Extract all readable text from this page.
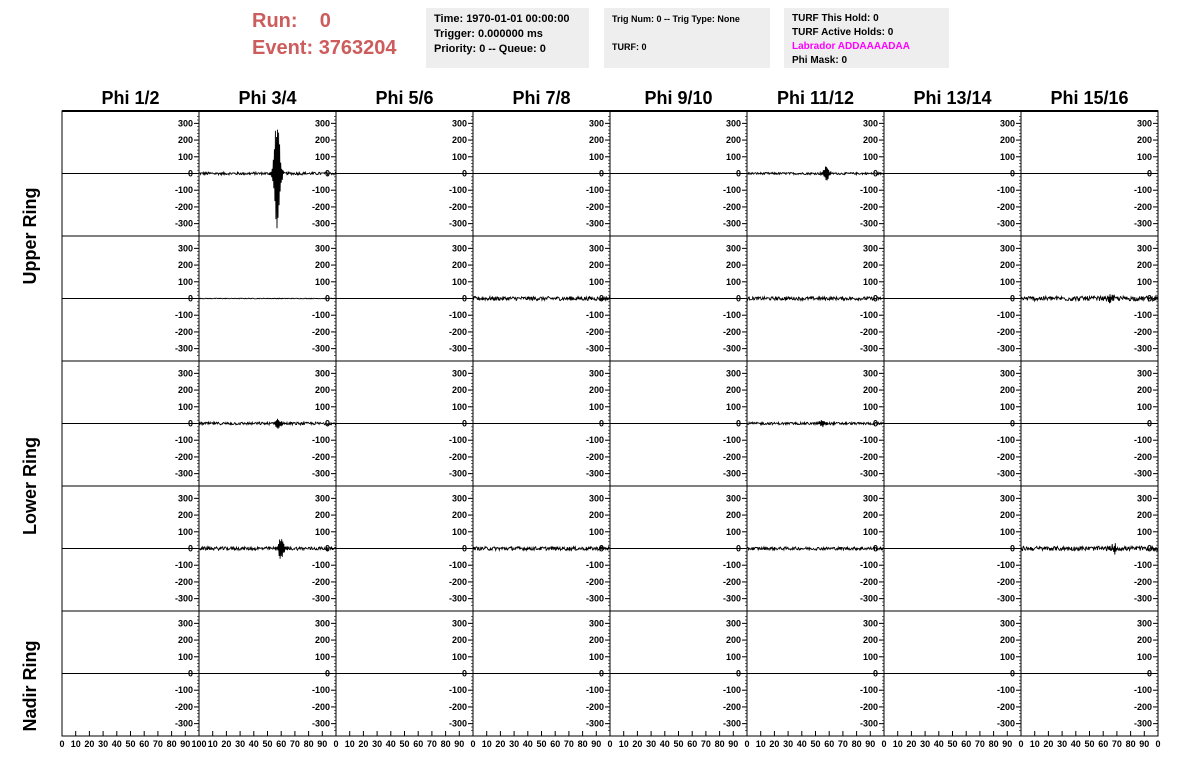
Run: 0
Event: 3763204
Time: 1970-01-01 00:00:00
Trigger: 0.000000 ms
Priority: 0 -- Queue: 0
Trig Num: 0 -- Trig Type: None
TURF: 0
TURF This Hold: 0
TURF Active Holds: 0
Labrador ADDAAAADAA
Phi Mask: 0
Phi 1/2	Phi 3/4	Phi 5/6	Phi 7/8	Phi 9/10	Phi 11/12	Phi 13/14	Phi 15/16
Upper Ring
Lower Ring
Nadir Ring
-300
-200
-100
0
100
200
300
-300
-200
-100
0
100
200
300
-300
-200
-100
0
100
200
300
-300
-200
-100
0
100
200
300
-300
-200
-100
0
100
200
300
-300
-200
-100
0
100
200
300
-300
-200
-100
0
100
200
300
-300
-200
-100
0
100
200
300
-300
-200
-100
0
100
200
300
-300
-200
-100
0
100
200
300
-300
-200
-100
0
100
200
300
-300
-200
-100
0
100
200
300
-300
-200
-100
0
100
200
300
-300
-200
-100
0
100
200
300
-300
-200
-100
0
100
200
300
-300
-200
-100
0
100
200
300
-300
-200
-100
0
100
200
300
-300
-200
-100
0
100
200
300
-300
-200
-100
0
100
200
300
-300
-200
-100
0
100
200
300
-300
-200
-100
0
100
200
300
-300
-200
-100
0
100
200
300
-300
-200
-100
0
100
200
300
-300
-200
-100
0
100
200
300
-300
-200
-100
0
100
200
300
-300
-200
-100
0
100
200
300
-300
-200
-100
0
100
200
300
-300
-200
-100
0
100
200
300
-300
-200
-100
0
100
200
300
-300
-200
-100
0
100
200
300
-300
-200
-100
0
100
200
300
-300
-200
-100
0
100
200
300
-300
-200
-100
0
100
200
300
-300
-200
-100
0
100
200
300
-300
-200
-100
0
100
200
300
-300
-200
-100
0
100
200
300
-300
-200
-100
0
100
200
300
-300
-200
-100
0
100
200
300
-300
-200
-100
0
100
200
300
-300
-200
-100
0
100
200
300
0 10 20 30 40 50 60 70 80 90 100 10 20 30 40 50 60 70 80 90 0 10 20 30 40 50 60 70 80 90 0 10 20 30 40 50 60 70 80 90 0 10 20 30 40 50 60 70 80 90 0 10 20 30 40 50 60 70 80 90 0 10 20 30 40 50 60 70 80 90 0 10 20 30 40 50 60 70 80 90 0
